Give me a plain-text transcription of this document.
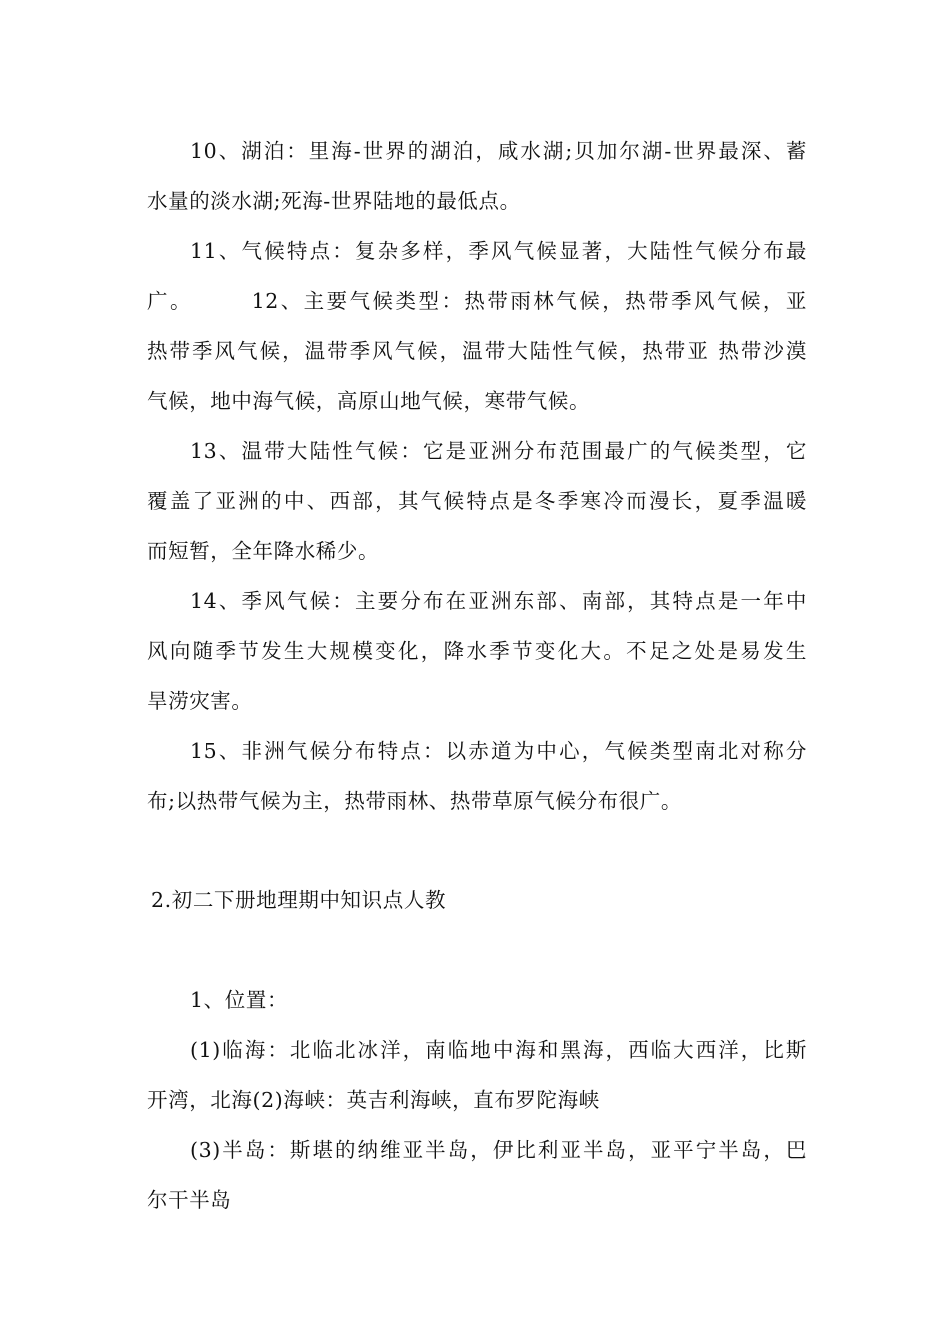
10、湖泊：里海-世界的湖泊，咸水湖;贝加尔湖-世界最深、蓄
水量的淡水湖;死海-世界陆地的最低点。
11、气候特点：复杂多样，季风气候显著，大陆性气候分布最
广。　　　12、主要气候类型：热带雨林气候，热带季风气候，亚
热带季风气候，温带季风气候，温带大陆性气候，热带亚 热带沙漠
气候，地中海气候，高原山地气候，寒带气候。
13、温带大陆性气候：它是亚洲分布范围最广的气候类型，它
覆盖了亚洲的中、西部，其气候特点是冬季寒冷而漫长，夏季温暖
而短暂，全年降水稀少。
14、季风气候：主要分布在亚洲东部、南部，其特点是一年中
风向随季节发生大规模变化，降水季节变化大。不足之处是易发生
旱涝灾害。
15、非洲气候分布特点：以赤道为中心，气候类型南北对称分
布;以热带气候为主，热带雨林、热带草原气候分布很广。
2.初二下册地理期中知识点人教
1、位置：
(1)临海：北临北冰洋，南临地中海和黑海，西临大西洋，比斯
开湾，北海(2)海峡：英吉利海峡，直布罗陀海峡
(3)半岛：斯堪的纳维亚半岛，伊比利亚半岛，亚平宁半岛，巴
尔干半岛
